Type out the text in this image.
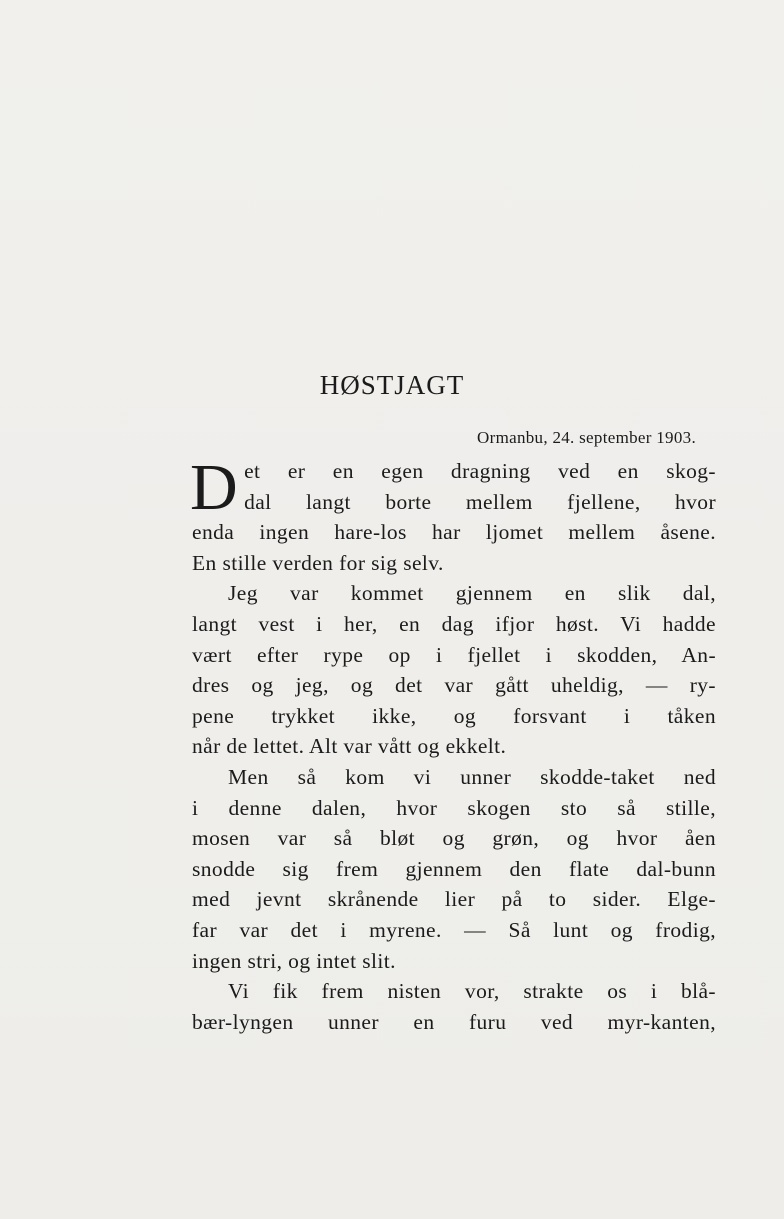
HØSTJAGT
Ormanbu, 24. september 1903.
D et er en egen dragning ved en skog-
dal langt borte mellem fjellene, hvor
enda ingen hare-los har ljomet mellem åsene.
En stille verden for sig selv.
Jeg var kommet gjennem en slik dal,
langt vest i her, en dag ifjor høst. Vi hadde
vært efter rype op i fjellet i skodden, An-
dres og jeg, og det var gått uheldig, — ry-
pene trykket ikke, og forsvant i tåken
når de lettet. Alt var vått og ekkelt.
Men så kom vi unner skodde-taket ned
i denne dalen, hvor skogen sto så stille,
mosen var så bløt og grøn, og hvor åen
snodde sig frem gjennem den flate dal-bunn
med jevnt skrånende lier på to sider. Elge-
far var det i myrene. — Så lunt og frodig,
ingen stri, og intet slit.
Vi fik frem nisten vor, strakte os i blå-
bær-lyngen unner en furu ved myr-kanten,
